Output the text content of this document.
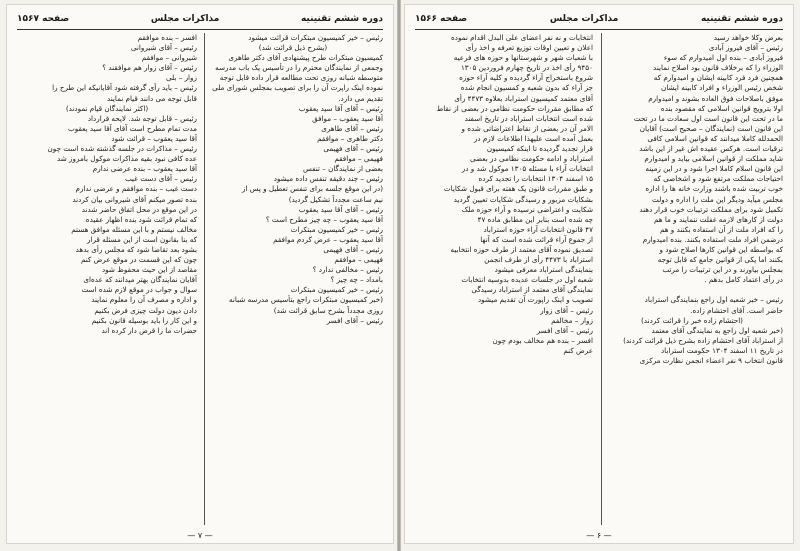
دوره ششم تقنینیه
مذاکرات مجلس
صفحه ۱۵۶۷

رئیس – خیر کمیسیون مبتکرات قرائت میشود

(بشرح ذیل قرائت شد)

کمیسیون مبتکرات طرح پیشنهادی آقای دکتر طاهری

وجمعی از نمایندگان محترم را در تأسیس یک باب مدرسه

متوسطه شبانه روزی تحت مطالعه قرار داده قابل توجه

نموده اینک راپرت آن را برای تصویب بمجلس شورای ملی

تقدیم می دارد.

رئیس – آقای آقا سید یعقوب

آقا سید یعقوب – موافق

رئیس – آقای طاهری

دکتر طاهری – موافقم

رئیس – آقای فهیمی

فهیمی – موافقم

بعضی از نمایندگان – تنفس

رئیس – چند دقیقه تنفس داده میشود

(در این موقع جلسه برای تنفس تعطیل و پس از

نیم ساعت مجدداً تشکیل گردید)

رئیس – آقای آقا سید یعقوب

آقا سید یعقوب – چه چیز مطرح است ؟

رئیس – خیر کمیسیون مبتکرات

آقا سید یعقوب – عرض کردم موافقم

رئیس – آقای فهیمی

فهیمی – موافقم

رئیس – مخالفی ندارد ؟

بامداد – چه چیز ؟

رئیس – خیر کمیسیون مبتکرات

(خبر کمیسیون مبتکرات راجع بتأسیس مدرسه شبانه

روزی مجدداً بشرح سابق قرائت شد)

رئیس – آقای افسر

افسر – بنده موافقم

رئیس – آقای شیروانی

شیروانی – موافقم

رئیس – آقای زوار هم موافقند ؟

زوار – بلی

رئیس – باید رأی گرفته شود آقایانیکه این طرح را

قابل توجه می دانند قیام نمایند

(اکثر نمایندگان قیام نمودند)

رئیس – قابل توجه شد. لایحه قرارداد

مدت تمام مطرح است آقای آقا سید یعقوب

آقا سید یعقوب – قرائت شود

رئیس – مذاکرات در جلسه گذشته شده است چون

عده کافی نبود بقیه مذاکرات موکول بامروز شد

آقا سید یعقوب – بنده عرضی ندارم

رئیس – آقای دست غیب

دست غیب – بنده موافقم و عرضی ندارم

بنده تصور میکنم آقای شیروانی بیان کردند

در این موقع در محل اتفاق حاضر شدند

که تمام قرائت شود بنده اظهار عقیده

مخالف نیستم و با این مسئله موافق هستم

که بنا بقانون است از این مسئله قرار

بشود بعد تقاضا شود که مجلس رأی بدهد

چون که این قسمت در موقع عرض کنم

مقاصد از این حیث محفوظ شود

آقایان نمایندگان بهتر میدانند که عده‌ای

سوال و جواب در موقع لازم شده است

و اداره و مصرف آن را معلوم نمایند

دادن دیون دولت چیزی فرض بکنیم

و این کار را باید بوسیله قانون بکنیم

حضرات ما را قرض دار کرده اند

— ۷ —
دوره ششم تقنینیه
مذاکرات مجلس
صفحه ۱۵۶۶

بعرض وکلا خواهد رسید

رئیس – آقای فیروز آبادی

فیروز آبادی – بنده اول امیدوارم که سوء

الوزراء را که برخلاف قانون بود اصلاح نمایند

همچنین فرد فرد کابینه ایشان و امیدوارم که

شخص رئیس الوزراء و افراد کابینه ایشان

موفق باصلاحات فوق العاده بشوند و امیدوارم

اولا بترویج قوانین اسلامی که مقصود بنده

ما در تحت این قانون است اول سعادت ما در تحت

این قانون است (نمایندگان – صحیح است) آقایان

الحمدلله کاملا میدانند که قوانین اسلامی کافی

ترقیات است. هرکس عقیده اش غیر از این باشد

شاید مملکت از قوانین اسلامی بیاید و امیدوارم

این قانون اسلام کاملا اجرا شود و در این زمینه

احتیاجات مملکت مرتفع شود و اشخاصی که

خوب تربیت شده باشند وزارت خانه ها را اداره

مجلس میآید ودیگر این ملت را اداره و دولت

تکمیل شود برای مملکت ترتیبات خوب قرار دهند

دولت از کارهای لازمه غفلت ننمایند و ما هم

را که افراد ملت از آن استفاده بکنند و هم

درضمن افراد ملت استفاده بکنند. بنده امیدوارم

که بواسطه این قوانین کارها اصلاح شود و

بکنند اما یکی از قوانین جامع که قابل توجه

بمجلس بیاورند و در این ترتیبات را مرتب

در رأی اعتماد کامل بدهم .

رئیس – خبر شعبه اول راجع بنمایندگی استراباد

حاضر است. آقای احتشام زاده.

(احتشام زاده خبر را قرائت کردند)

(خبر شعبه اول راجع به نمایندگی آقای معتمد

از استراباد آقای احتشام زاده بشرح ذیل قرائت کردند)

در تاریخ ۱۱ اسفند ۱۳۰۴ حکومت استراباد

قانون انتخاب ۹ نفر اعضاء انجمن نظارت مرکزی

انتخابات و نه نفر اعضای علی البدل اقدام نموده

اعلان و تعیین اوقات توزیع تعرفه و اخذ رأی

با شعبات شهر و شهرستانها و حوزه های فرعیه

۹۴۵۰ رأی اخذ در تاریخ چهارم فروردین ۱۳۰۵

شروع باستخراج آراء گردیده و کلیه آراء حوزه

جز آراء که بدون شعبه و کمسیون انجام شده

آقای معتمد کمیسیون استراباد بعلاوه ۴۴۷۳ رأی

که مطابق مقررات حکومت نظامی در بعضی از نقاط

شده است انتخابات استراباد در تاریخ اسفند

الامر آن در بعضی از نقاط اعتراضاتی شده و

بعمل آمده است علیهذا اطلاعات لازم در

قرار تجدید گردیده تا اینکه کمیسیون

استراباد و ادامه حکومت نظامی در بعضی

انتخابات آراء با مسئله ۱۳۰۵ موکول شد و در

۱۵ اسفند ۱۳۰۴ انتخابات را تجدید کرده

و طبق مقررات قانون یک هفته برای قبول شکایات

بشکایات مزبور و رسیدگی شکایات تعیین گردید

شکایت و اعتراضی نرسیده و آراء حوزه ملک

چه شده است بنابر این مطابق ماده ۴۷

۴۷ قانون انتخابات آراء حوزه استراباد

از جموع آراء قرائت شده است که آنها

تصدیق نموده آقای معتمد از طرف حوزه انتخابیه

استراباد با ۴۴۷۳ رأی از طرف انجمن

بنمایندگی استراباد معرفی میشود

شعبه اول در جلسات عدیده بدوسیه انتخابات

نمایندگی آقای معتمد از استراباد رسیدگی

تصویب و اینک راپورت آن تقدیم میشود

رئیس – آقای زوار

زوار – مخالفم

رئیس – آقای افسر

افسر – بنده هم مخالف بودم چون

عرض کنم

— ۶ —
